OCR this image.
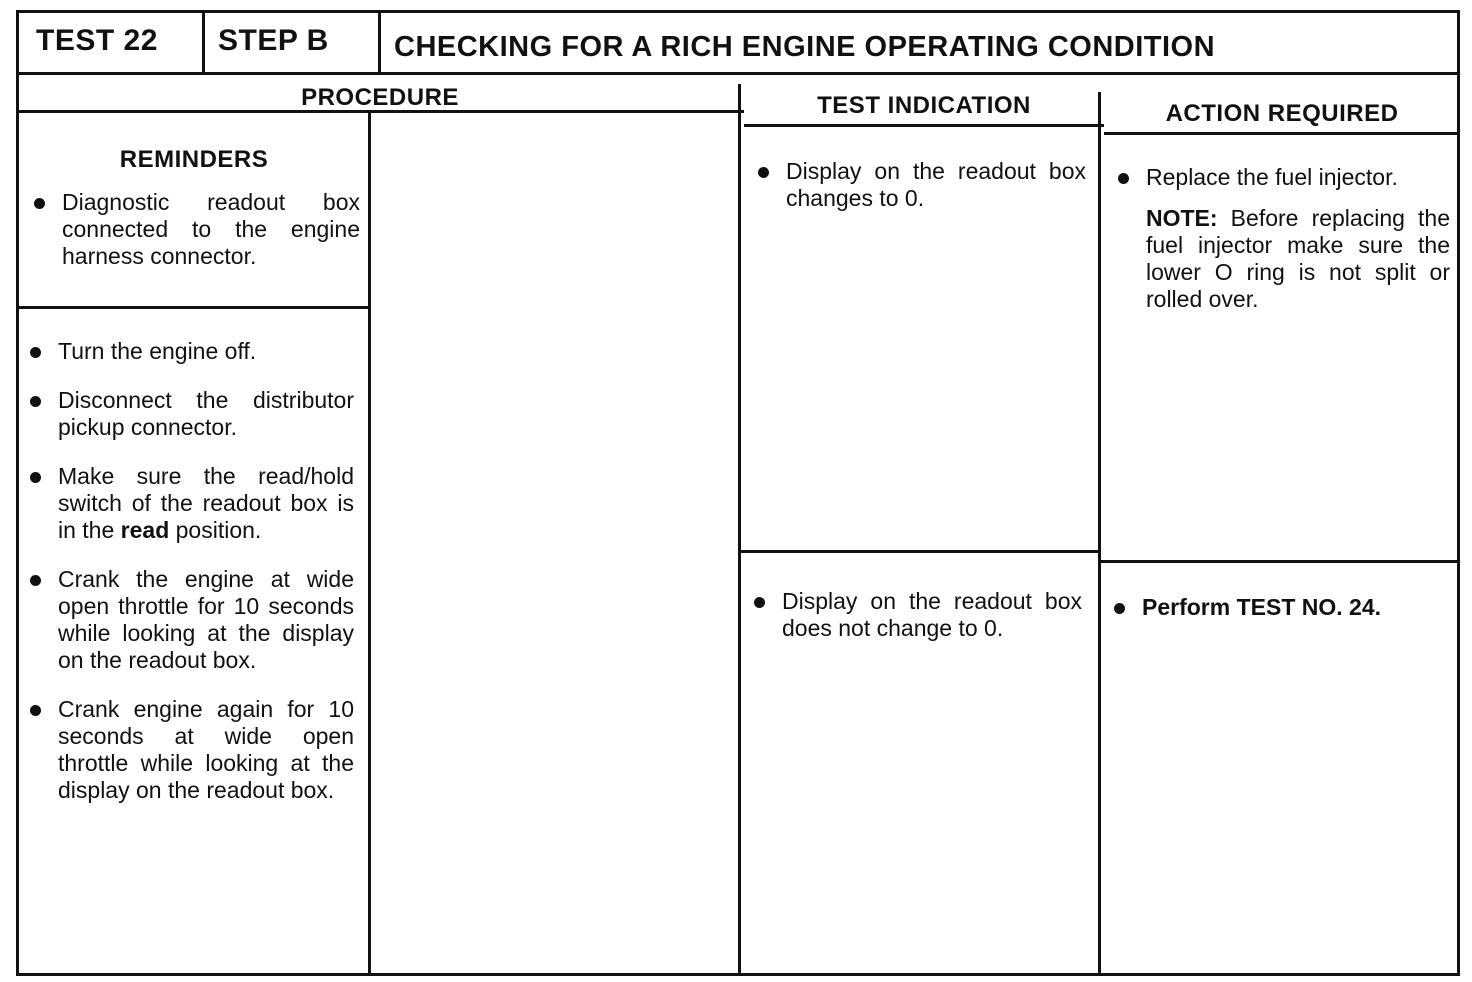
TEST 22 STEP B CHECKING FOR A RICH ENGINE OPERATING CONDITION
PROCEDURE	TEST INDICATION	ACTION REQUIRED
REMINDERS
Diagnostic readout box connected to the engine harness connector.
Turn the engine off.
Disconnect the distributor pickup connector.
Make sure the read/hold switch of the readout box is in the read position.
Crank the engine at wide open throttle for 10 seconds while looking at the display on the readout box.
Crank engine again for 10 seconds at wide open throttle while looking at the display on the readout box.
Display on the readout box changes to 0.
Replace the fuel injector.
NOTE: Before replacing the fuel injector make sure the lower O ring is not split or rolled over.
Display on the readout box does not change to 0.
Perform TEST NO. 24.
